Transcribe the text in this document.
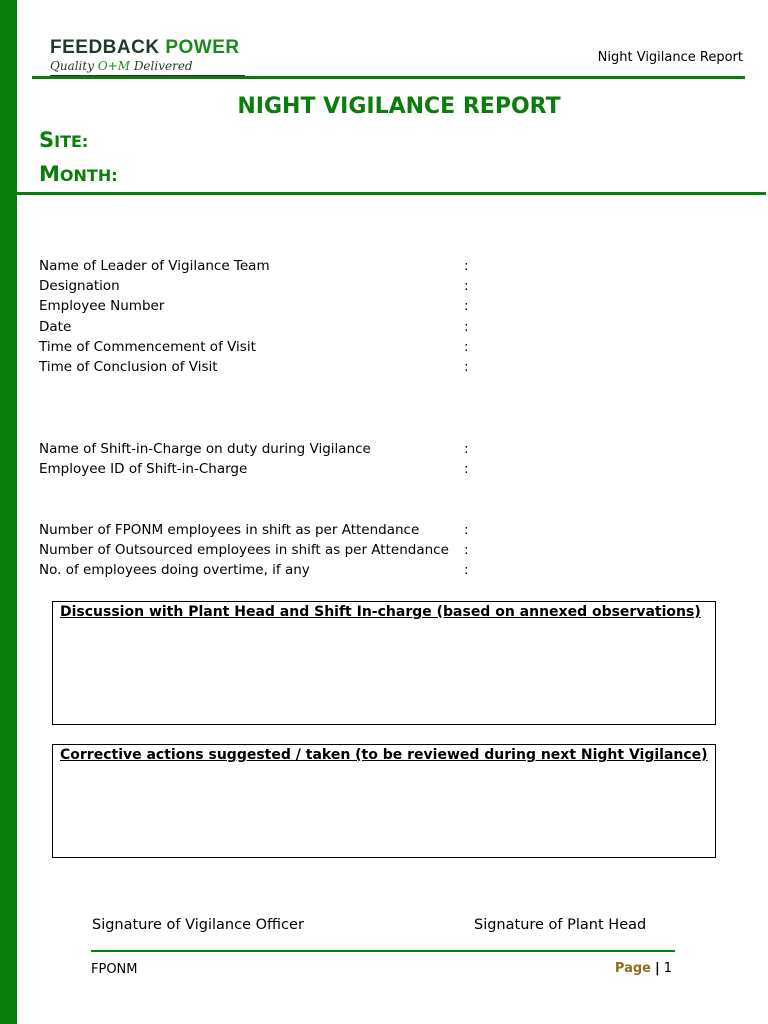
FEEDBACK POWER
Quality O+M Delivered
Night Vigilance Report
NIGHT VIGILANCE REPORT
SITE:
MONTH:
Name of Leader of Vigilance Team	:
Designation	:
Employee Number	:
Date	:
Time of Commencement of Visit	:
Time of Conclusion of Visit	:
Name of Shift-in-Charge on duty during Vigilance	:
Employee ID of Shift-in-Charge	:
Number of FPONM employees in shift as per Attendance	:
Number of Outsourced employees in shift as per Attendance :
No. of employees doing overtime, if any	:
Discussion with Plant Head and Shift In-charge (based on annexed observations)
Corrective actions suggested / taken (to be reviewed during next Night Vigilance)
Signature of Vigilance Officer	Signature of Plant Head
FPONM	Page | 1
